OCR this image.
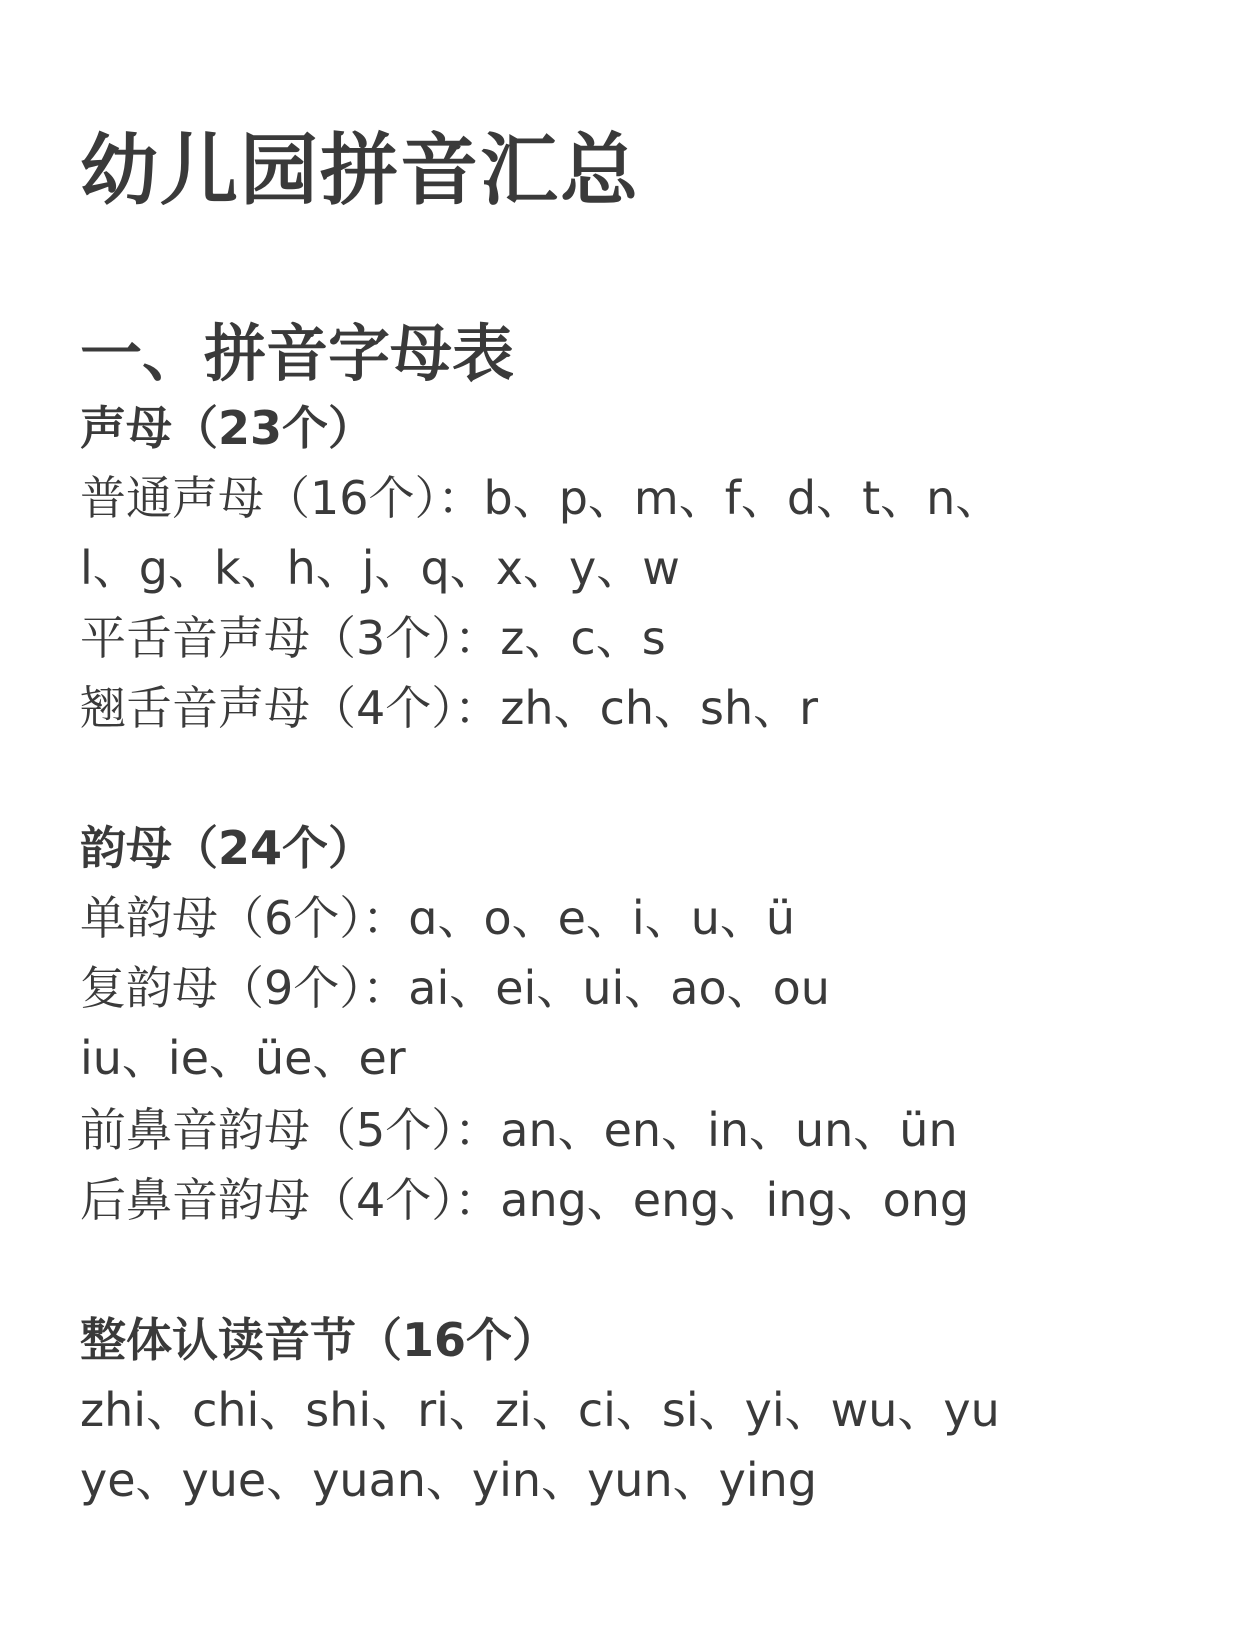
幼儿园拼音汇总
一、拼音字母表
声母（23个）
普通声母（16个）：b、p、m、f、d、t、n、
l、g、k、h、j、q、x、y、w
平舌音声母（3个）：z、c、s
翘舌音声母（4个）：zh、ch、sh、r
韵母（24个）
单韵母（6个）：ɑ、o、e、i、u、ü
复韵母（9个）：ai、ei、ui、ao、ou
iu、ie、üe、er
前鼻音韵母（5个）：an、en、in、un、ün
后鼻音韵母（4个）：ang、eng、ing、ong
整体认读音节（16个）
zhi、chi、shi、ri、zi、ci、si、yi、wu、yu
ye、yue、yuan、yin、yun、ying
